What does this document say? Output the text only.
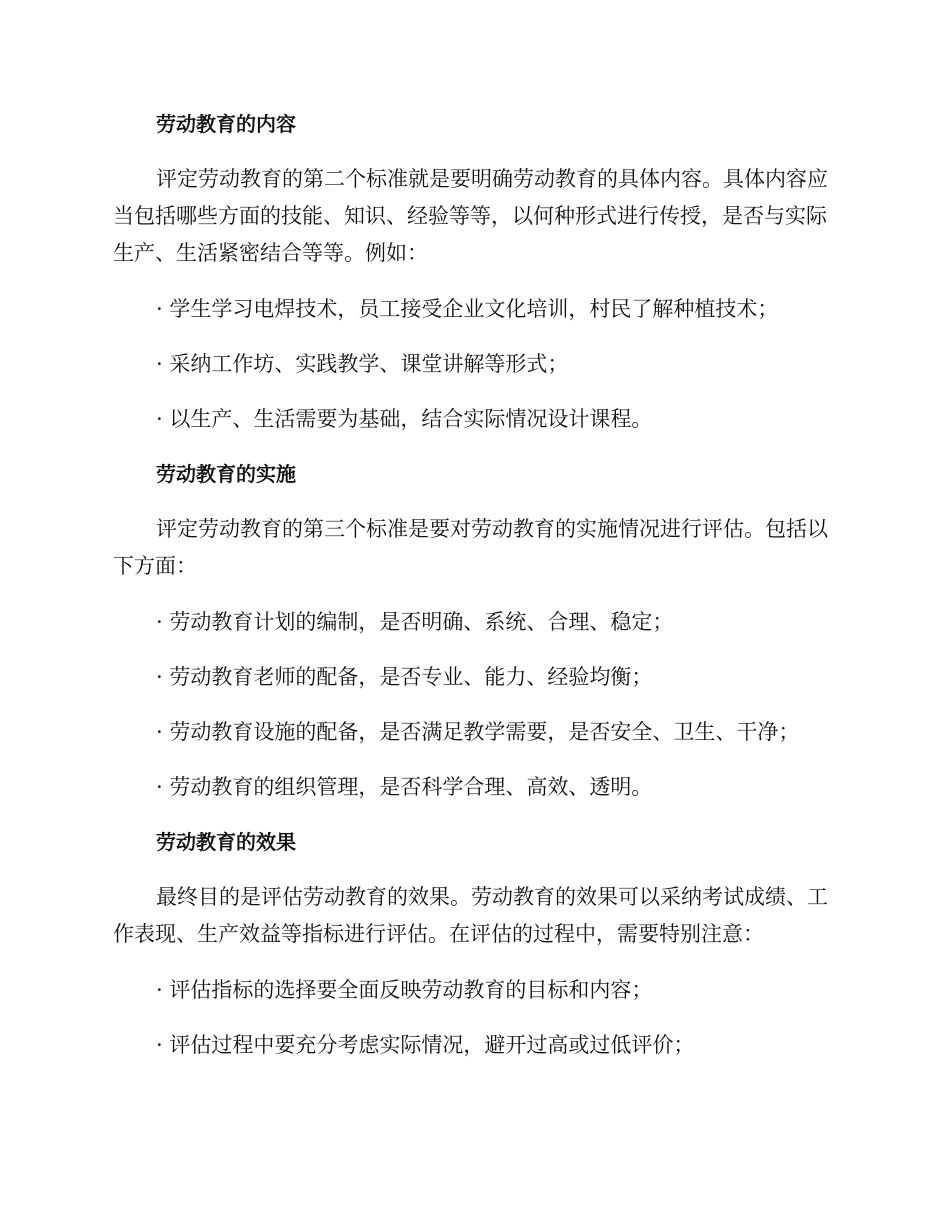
劳动教育的内容

评定劳动教育的第二个标准就是要明确劳动教育的具体内容。具体内容应当包括哪些方面的技能、知识、经验等等，以何种形式进行传授，是否与实际生产、生活紧密结合等等。例如：

· 学生学习电焊技术，员工接受企业文化培训，村民了解种植技术；
· 采纳工作坊、实践教学、课堂讲解等形式；
· 以生产、生活需要为基础，结合实际情况设计课程。
劳动教育的实施

评定劳动教育的第三个标准是要对劳动教育的实施情况进行评估。包括以下方面：

· 劳动教育计划的编制，是否明确、系统、合理、稳定；
· 劳动教育老师的配备，是否专业、能力、经验均衡；
· 劳动教育设施的配备，是否满足教学需要，是否安全、卫生、干净；
· 劳动教育的组织管理，是否科学合理、高效、透明。
劳动教育的效果

最终目的是评估劳动教育的效果。劳动教育的效果可以采纳考试成绩、工作表现、生产效益等指标进行评估。在评估的过程中，需要特别注意：

· 评估指标的选择要全面反映劳动教育的目标和内容；
· 评估过程中要充分考虑实际情况，避开过高或过低评价；
